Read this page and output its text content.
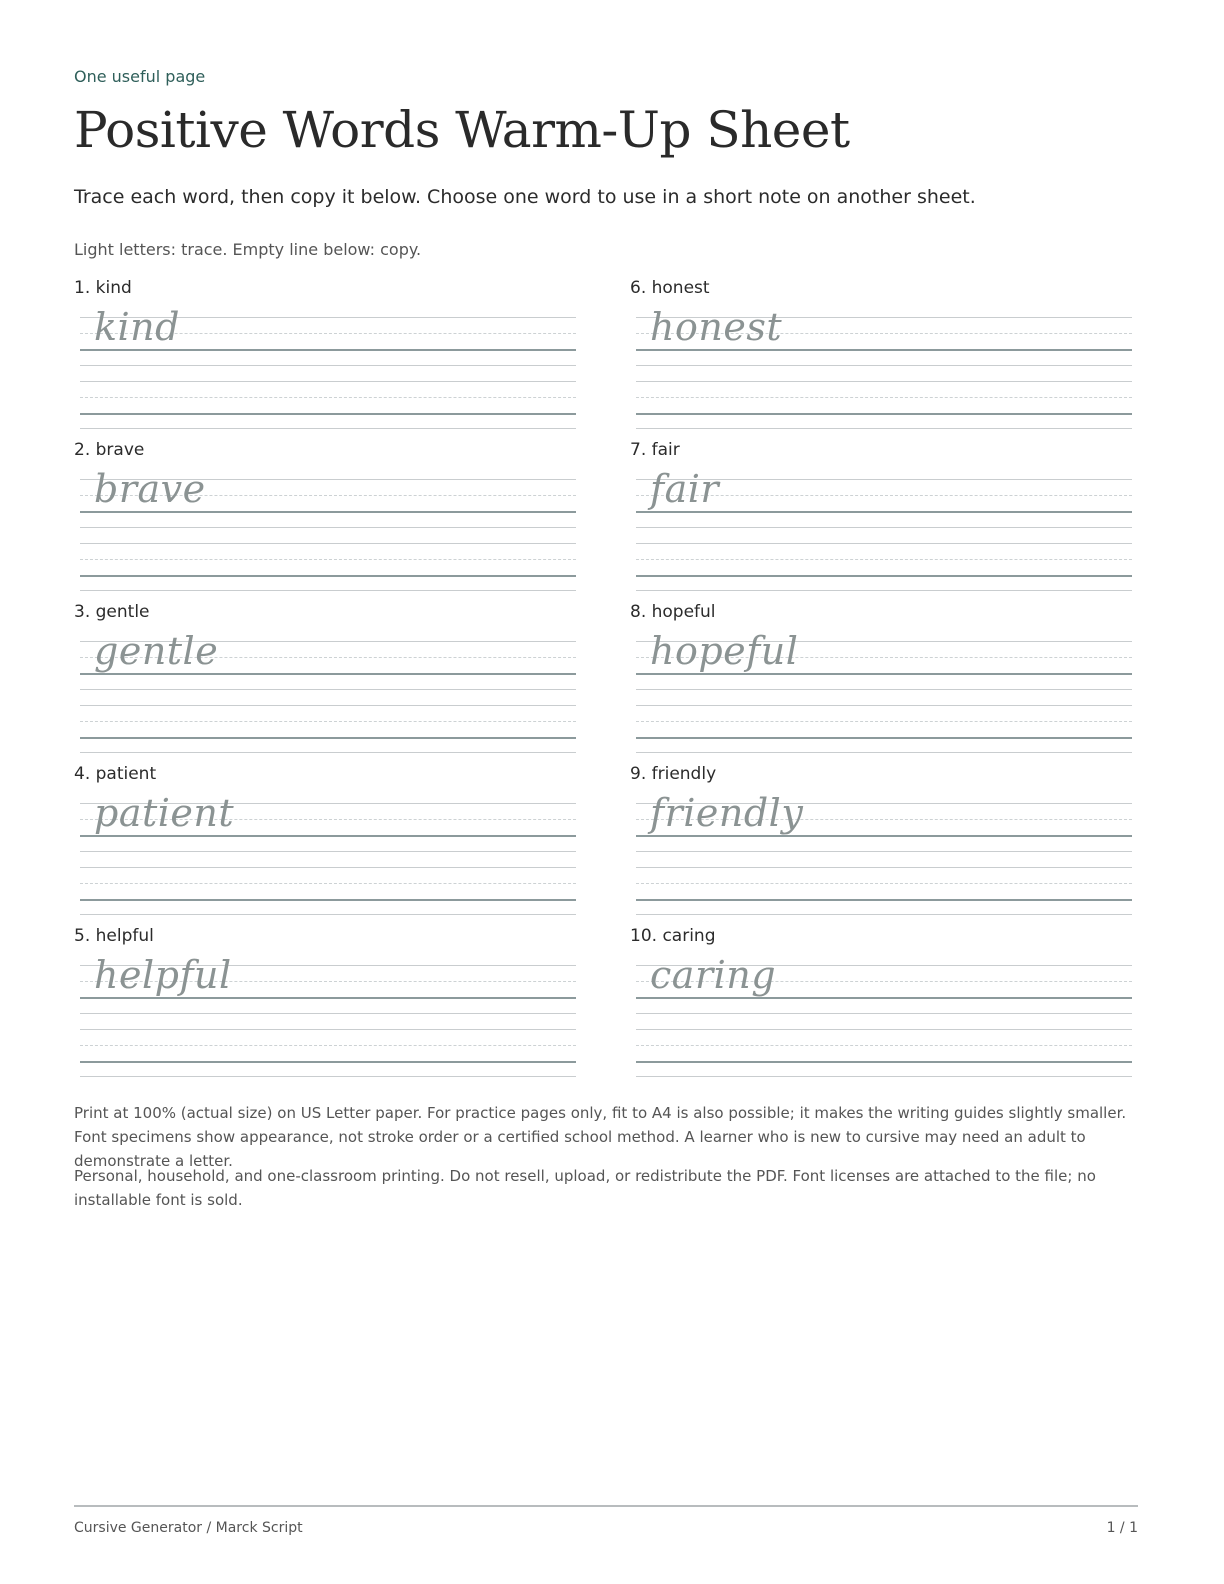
One useful page
Positive Words Warm-Up Sheet
Trace each word, then copy it below. Choose one word to use in a short note on another sheet.
Light letters: trace. Empty line below: copy.
1. kind
kind
2. brave
brave
3. gentle
gentle
4. patient
patient
5. helpful
helpful
6. honest
honest
7. fair
fair
8. hopeful
hopeful
9. friendly
friendly
10. caring
caring

Print at 100% (actual size) on US Letter paper. For practice pages only, fit to A4 is also possible; it makes the writing guides slightly smaller. Font specimens show appearance, not stroke order or a certified school method. A learner who is new to cursive may need an adult to demonstrate a letter.

Personal, household, and one-classroom printing. Do not resell, upload, or redistribute the PDF. Font licenses are attached to the file; no installable font is sold.

Cursive Generator / Marck Script	1 / 1
